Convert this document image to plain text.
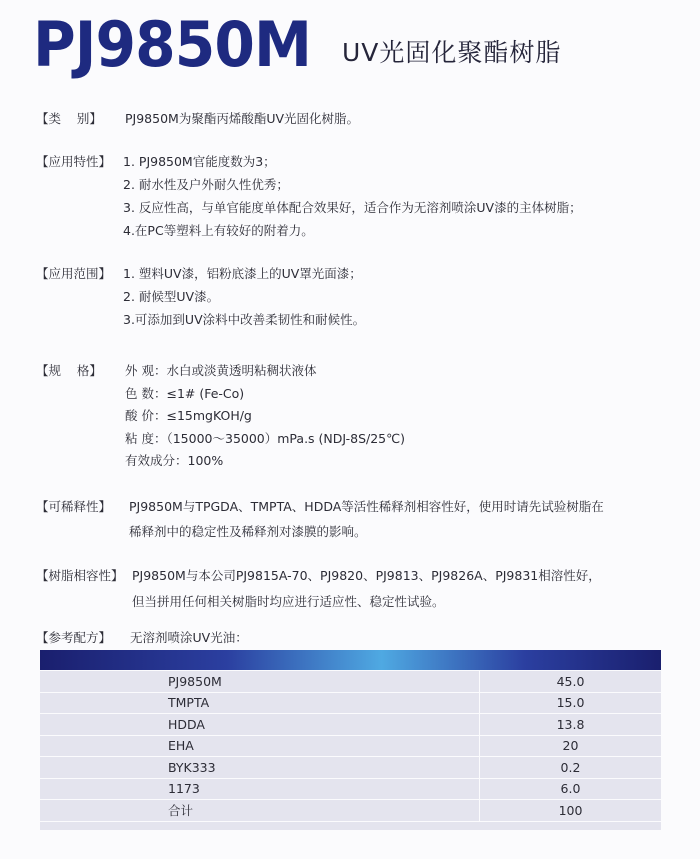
PJ9850M UV光固化聚酯树脂
【类    别】 PJ9850M为聚酯丙烯酸酯UV光固化树脂。
【应用特性】 1. PJ9850M官能度数为3；
2. 耐水性及户外耐久性优秀；
3. 反应性高，与单官能度单体配合效果好，适合作为无溶剂喷涂UV漆的主体树脂；
4.在PC等塑料上有较好的附着力。
【应用范围】 1. 塑料UV漆，铝粉底漆上的UV罩光面漆；
2. 耐候型UV漆。
3.可添加到UV涂料中改善柔韧性和耐候性。
【规    格】 外 观：水白或淡黄透明粘稠状液体
色 数：≤1# (Fe-Co)
酸 价：≤15mgKOH/g
粘 度：（15000～35000）mPa.s (NDJ-8S/25℃)
有效成分：100%
【可稀释性】 PJ9850M与TPGDA、TMPTA、HDDA等活性稀释剂相容性好，使用时请先试验树脂在
稀释剂中的稳定性及稀释剂对漆膜的影响。
【树脂相容性】 PJ9850M与本公司PJ9815A-70、PJ9820、PJ9813、PJ9826A、PJ9831相溶性好，
但当拼用任何相关树脂时均应进行适应性、稳定性试验。
【参考配方】 无溶剂喷涂UV光油：

PJ9850M	45.0
TMPTA	15.0
HDDA	13.8
EHA	20
BYK333	0.2
1173	6.0
合计	100
